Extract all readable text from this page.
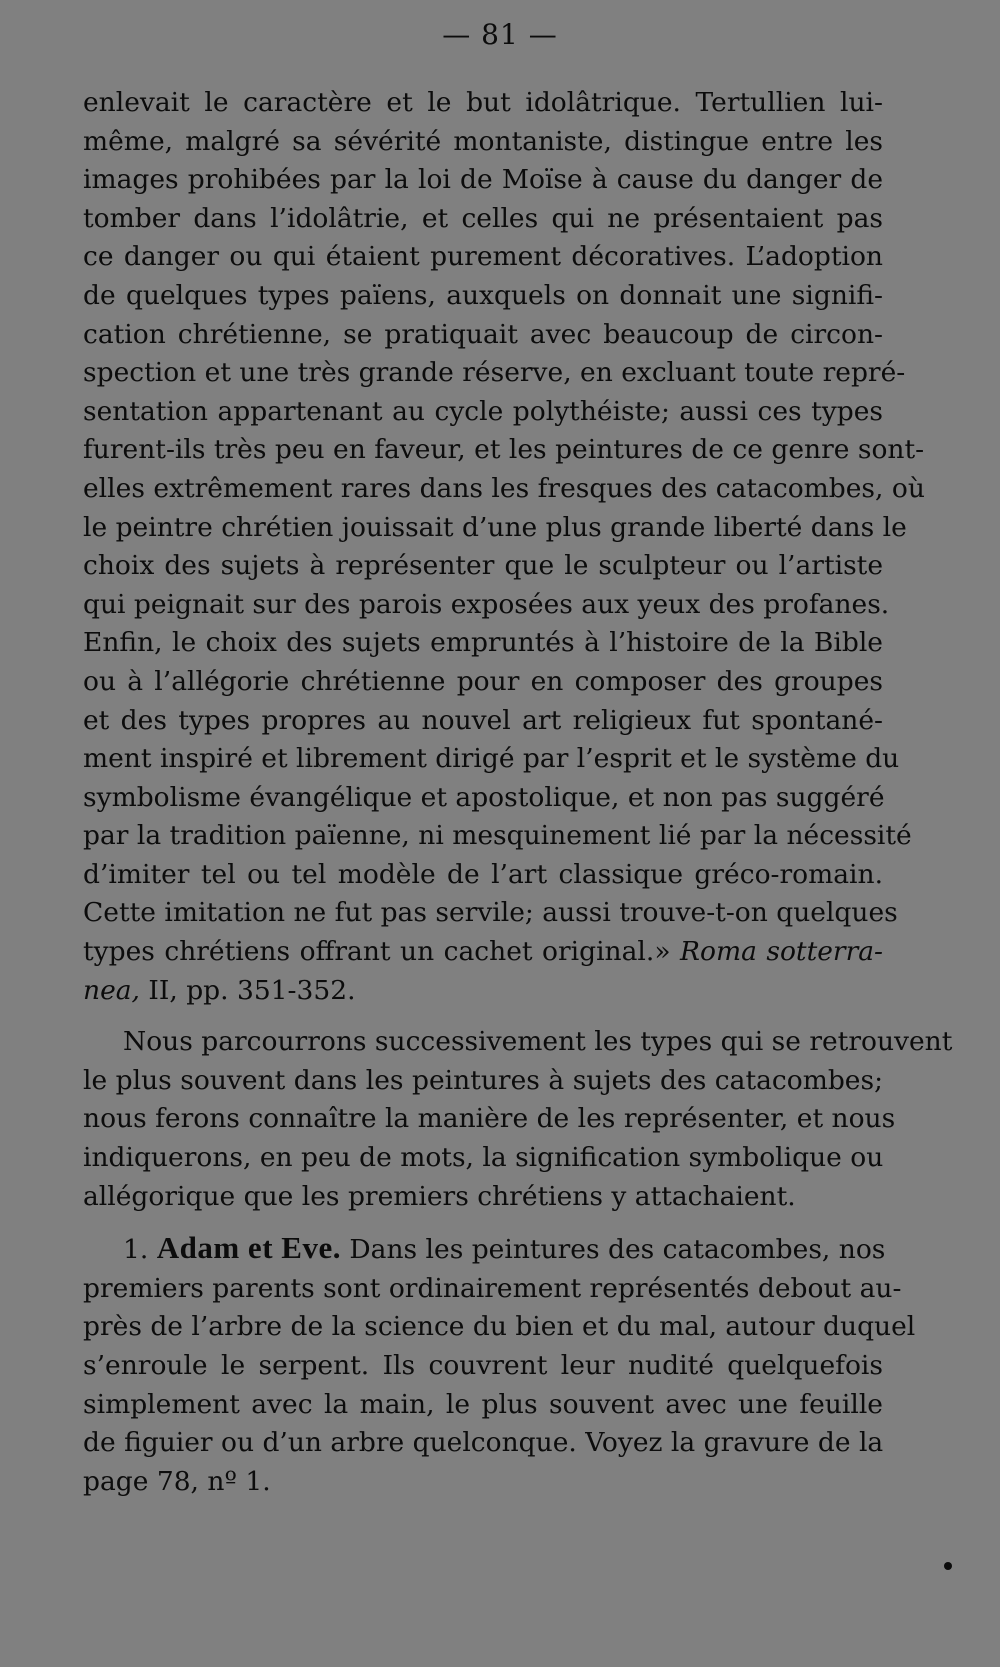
— 81 —
enlevait le caractère et le but idolâtrique. Tertullien lui-
même, malgré sa sévérité montaniste, distingue entre les
images prohibées par la loi de Moïse à cause du danger de
tomber dans l’idolâtrie, et celles qui ne présentaient pas
ce danger ou qui étaient purement décoratives. L’adoption
de quelques types païens, auxquels on donnait une signifi-
cation chrétienne, se pratiquait avec beaucoup de circon-
spection et une très grande réserve, en excluant toute repré-
sentation appartenant au cycle polythéiste; aussi ces types
furent-ils très peu en faveur, et les peintures de ce genre sont-
elles extrêmement rares dans les fresques des catacombes, où
le peintre chrétien jouissait d’une plus grande liberté dans le
choix des sujets à représenter que le sculpteur ou l’artiste
qui peignait sur des parois exposées aux yeux des profanes.
Enfin, le choix des sujets empruntés à l’histoire de la Bible
ou à l’allégorie chrétienne pour en composer des groupes
et des types propres au nouvel art religieux fut spontané-
ment inspiré et librement dirigé par l’esprit et le système du
symbolisme évangélique et apostolique, et non pas suggéré
par la tradition païenne, ni mesquinement lié par la nécessité
d’imiter tel ou tel modèle de l’art classique gréco-romain.
Cette imitation ne fut pas servile; aussi trouve-t-on quelques
types chrétiens offrant un cachet original.» Roma sotterra-
nea, II, pp. 351-352.
Nous parcourrons successivement les types qui se retrouvent
le plus souvent dans les peintures à sujets des catacombes;
nous ferons connaître la manière de les représenter, et nous
indiquerons, en peu de mots, la signification symbolique ou
allégorique que les premiers chrétiens y attachaient.
1. Adam et Eve. Dans les peintures des catacombes, nos
premiers parents sont ordinairement représentés debout au-
près de l’arbre de la science du bien et du mal, autour duquel
s’enroule le serpent. Ils couvrent leur nudité quelquefois
simplement avec la main, le plus souvent avec une feuille
de figuier ou d’un arbre quelconque. Voyez la gravure de la
page 78, nº 1.
